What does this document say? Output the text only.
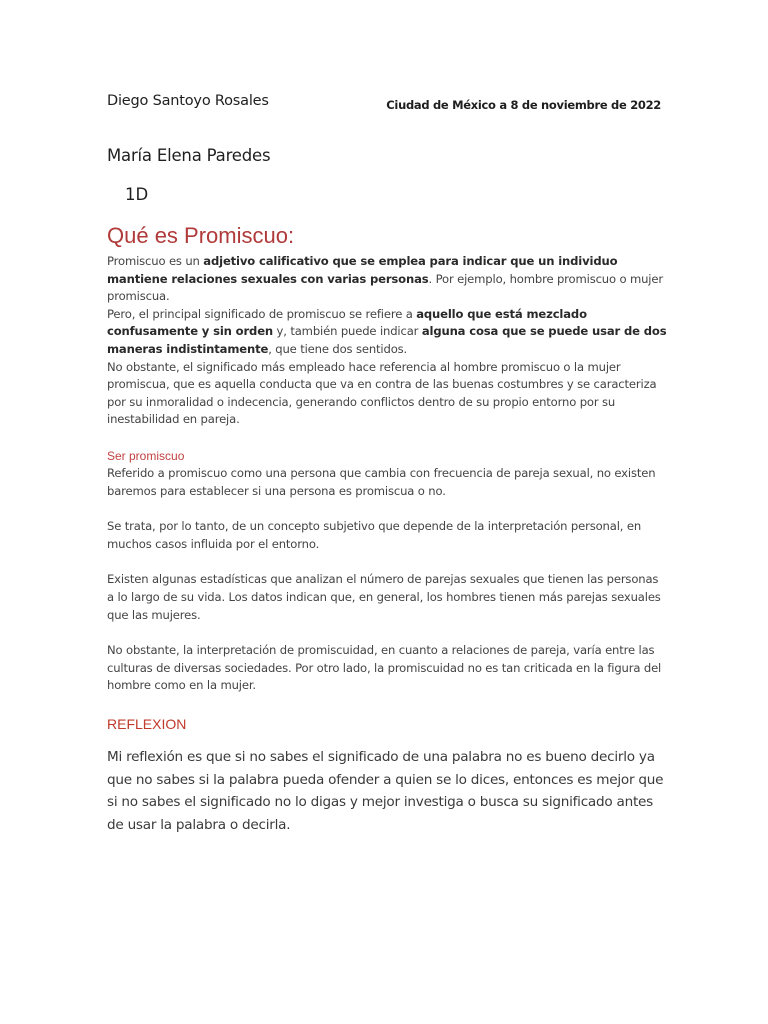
Diego Santoyo Rosales	Ciudad de México a 8 de noviembre de 2022
María Elena Paredes
1D
Qué es Promiscuo:

Promiscuo es un adjetivo calificativo que se emplea para indicar que un individuo mantiene relaciones sexuales con varias personas. Por ejemplo, hombre promiscuo o mujer promiscua.

Pero, el principal significado de promiscuo se refiere a aquello que está mezclado confusamente y sin orden y, también puede indicar alguna cosa que se puede usar de dos maneras indistintamente, que tiene dos sentidos.

No obstante, el significado más empleado hace referencia al hombre promiscuo o la mujer promiscua, que es aquella conducta que va en contra de las buenas costumbres y se caracteriza por su inmoralidad o indecencia, generando conflictos dentro de su propio entorno por su inestabilidad en pareja.

Ser promiscuo

Referido a promiscuo como una persona que cambia con frecuencia de pareja sexual, no existen baremos para establecer si una persona es promiscua o no.

Se trata, por lo tanto, de un concepto subjetivo que depende de la interpretación personal, en muchos casos influida por el entorno.

Existen algunas estadísticas que analizan el número de parejas sexuales que tienen las personas a lo largo de su vida. Los datos indican que, en general, los hombres tienen más parejas sexuales que las mujeres.

No obstante, la interpretación de promiscuidad, en cuanto a relaciones de pareja, varía entre las culturas de diversas sociedades. Por otro lado, la promiscuidad no es tan criticada en la figura del hombre como en la mujer.

REFLEXION

Mi reflexión es que si no sabes el significado de una palabra no es bueno decirlo ya que no sabes si la palabra pueda ofender a quien se lo dices, entonces es mejor que si no sabes el significado no lo digas y mejor investiga o busca su significado antes de usar la palabra o decirla.
